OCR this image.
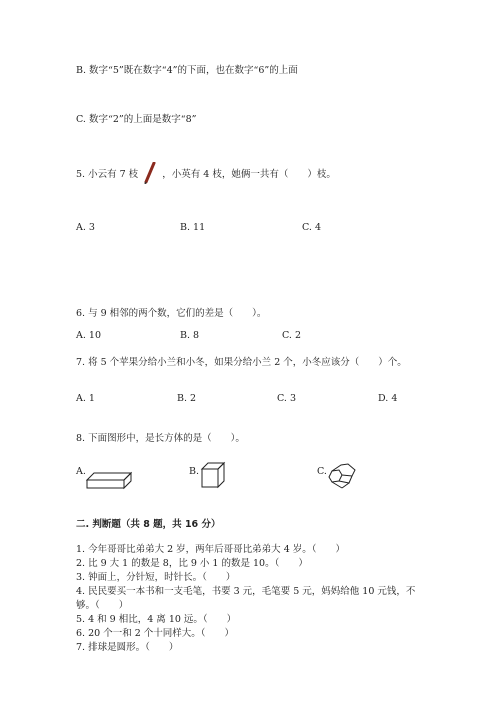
B. 数字“5”既在数字“4”的下面，也在数字“6”的上面
C. 数字“2”的上面是数字“8”
5. 小云有 7 枝	，小英有 4 枝，她俩一共有（　　）枝。
A. 3	B. 11	C. 4
6. 与 9 相邻的两个数，它们的差是（　　）。
A. 10	B. 8	C. 2
7. 将 5 个苹果分给小兰和小冬，如果分给小兰 2 个，小冬应该分（　　）个。
A. 1	B. 2	C. 3	D. 4
8. 下面图形中，是长方体的是（　　）。
A.	B.	C.
二. 判断题（共 8 题，共 16 分）
1. 今年哥哥比弟弟大 2 岁，两年后哥哥比弟弟大 4 岁。（　　）
2. 比 9 大 1 的数是 8，比 9 小 1 的数是 10。（　　）
3. 钟面上，分针短，时针长。（　　）
4. 民民要买一本书和一支毛笔，书要 3 元，毛笔要 5 元，妈妈给他 10 元钱，不
够。（　　）
5. 4 和 9 相比，4 离 10 远。（　　）
6. 20 个一和 2 个十同样大。（　　）
7. 排球是圆形。（　　）
